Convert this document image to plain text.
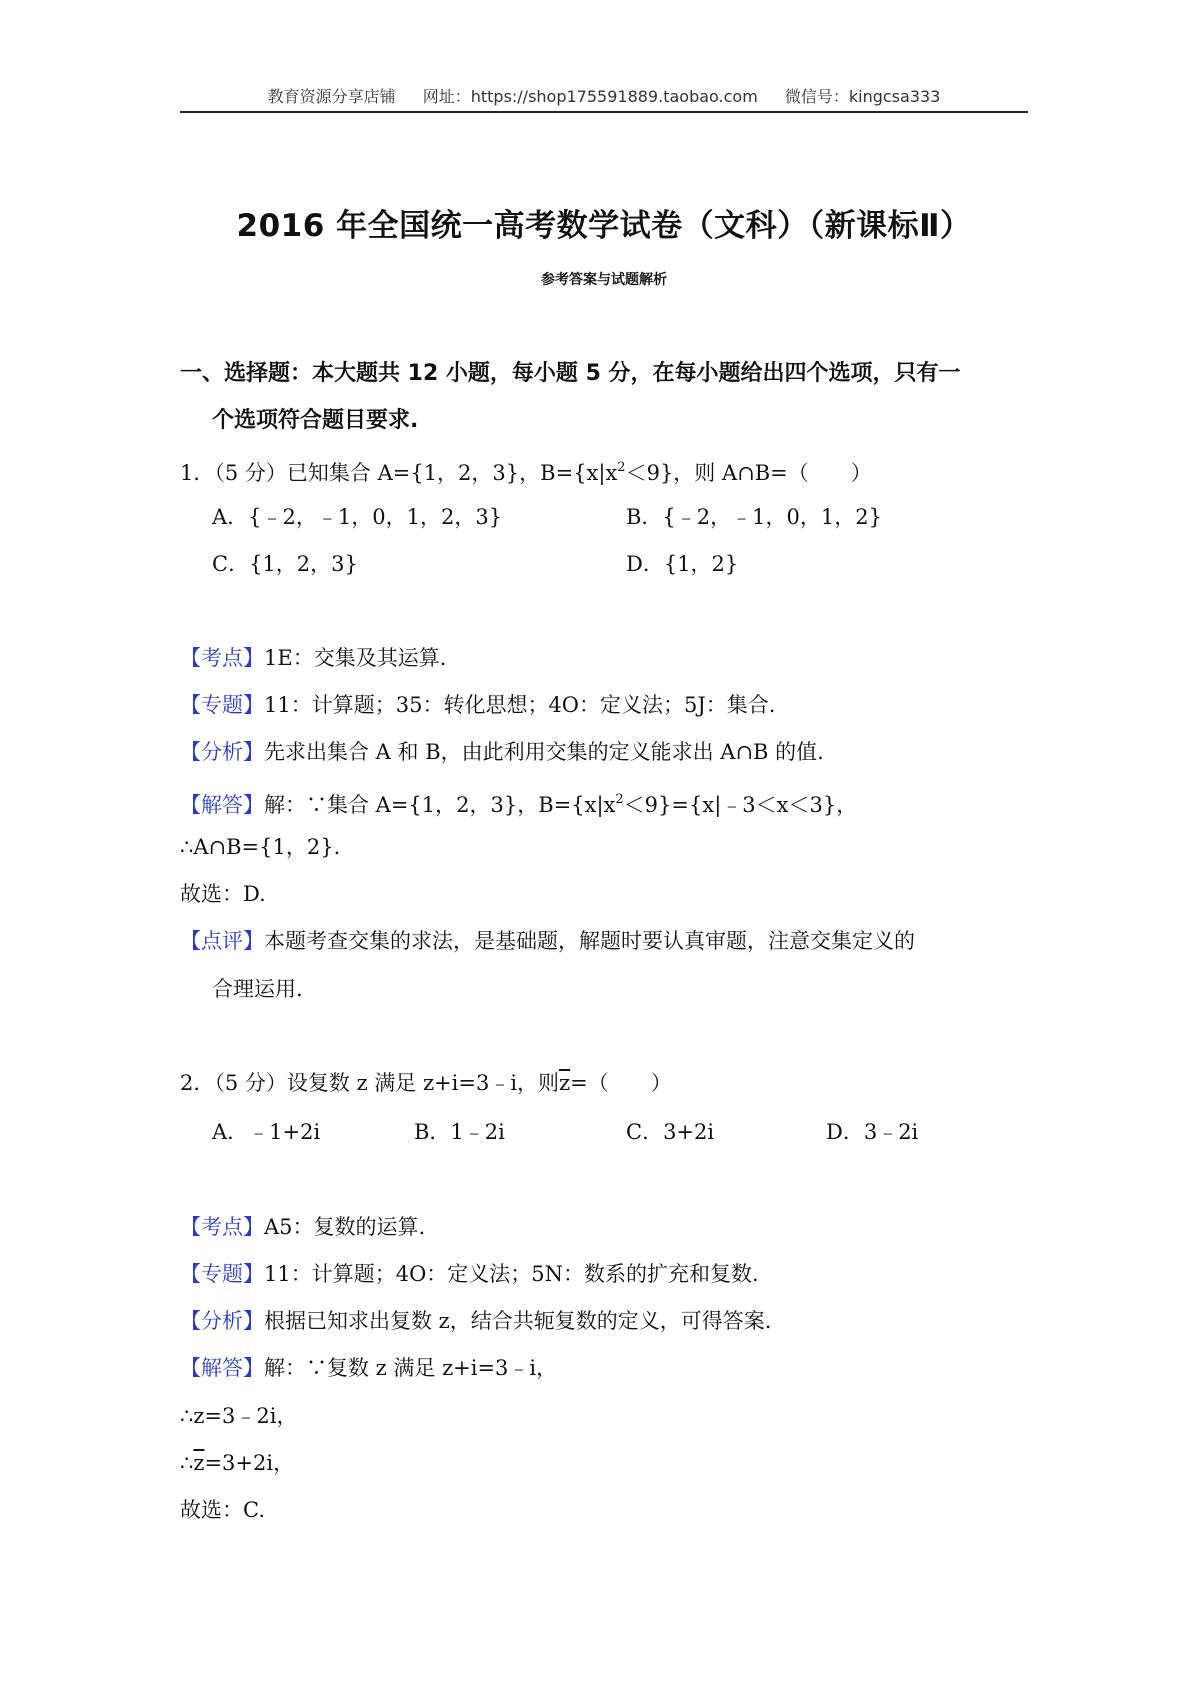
教育资源分享店铺 网址：https://shop175591889.taobao.com 微信号：kingcsa333
2016 年全国统一高考数学试卷（文科）（新课标Ⅱ）
参考答案与试题解析
一、选择题：本大题共 12 小题，每小题 5 分，在每小题给出四个选项，只有一
个选项符合题目要求.
1．（5 分）已知集合 A={1，2，3}，$B=\{x|x^2<9\}$，则 A∩B=（　　）
A．{﹣2，﹣1，0，1，2，3}	B．{﹣2，﹣1，0，1，2}
C．{1，2，3}	D．{1，2}
【考点】1E：交集及其运算.
【专题】11：计算题；35：转化思想；4O：定义法；5J：集合.
【分析】先求出集合 A 和 B，由此利用交集的定义能求出 A∩B 的值.
【解答】解：∵集合 A={1，2，3}，$B=\{x|x^2<9\}=\{x|﹣3<x<3\}$，
∴A∩B={1，2}.
故选：D.
【点评】本题考查交集的求法，是基础题，解题时要认真审题，注意交集定义的
合理运用.
2．（5 分）设复数 z 满足 z+i=3﹣i，则$\overline{z}=$（　　）
A．﹣1+2i	B．1﹣2i	C．3+2i	D．3﹣2i
【考点】A5：复数的运算.
【专题】11：计算题；4O：定义法；5N：数系的扩充和复数.
【分析】根据已知求出复数 z，结合共轭复数的定义，可得答案.
【解答】解：∵复数 z 满足 z+i=3﹣i，
∴z=3﹣2i，
$\therefore\overline{z}=3+2i$，
故选：C.
